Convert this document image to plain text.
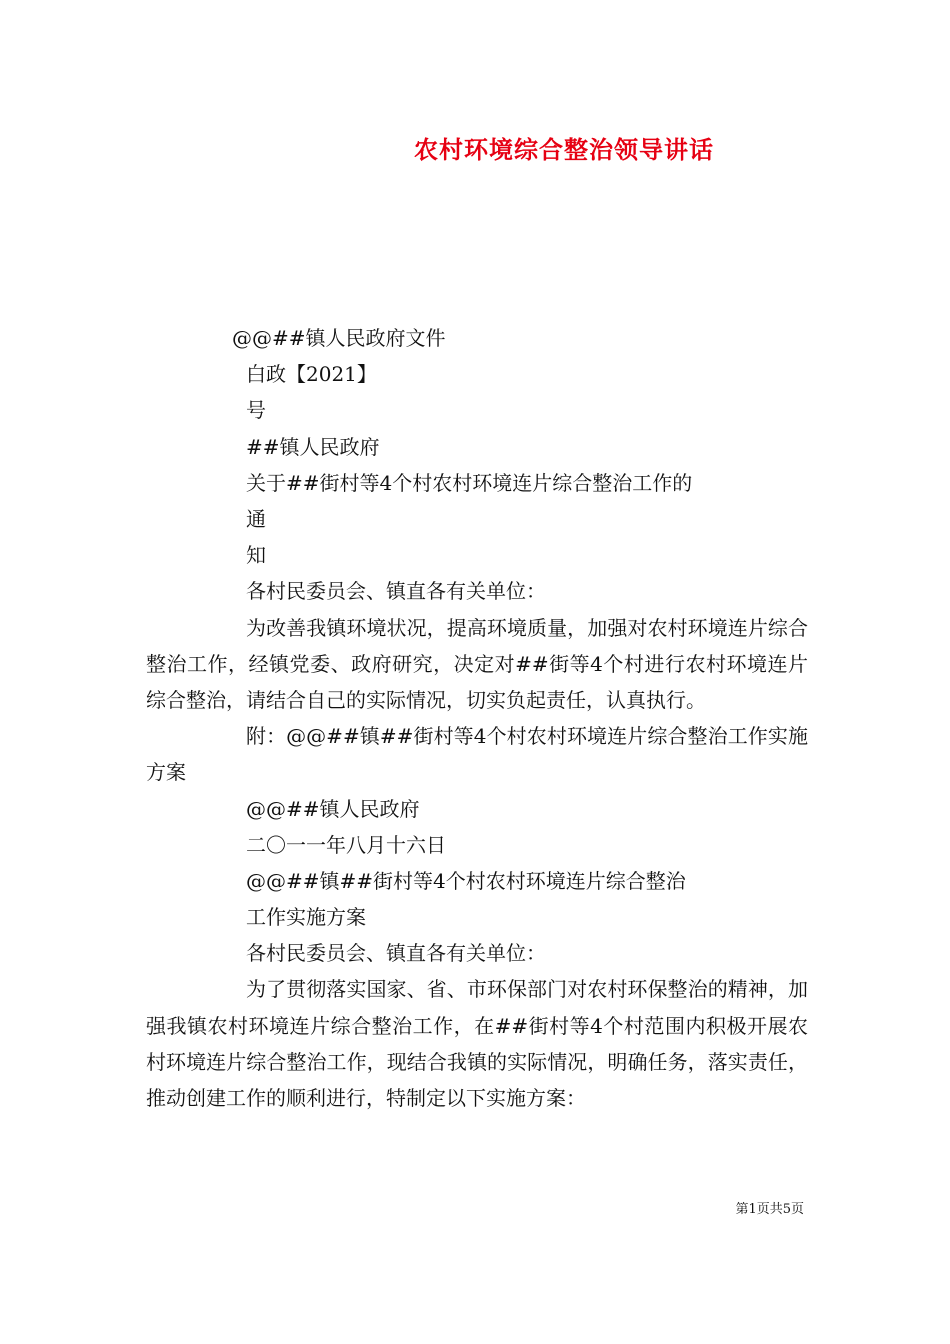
农村环境综合整治领导讲话
@@##镇人民政府文件
白政【2021】
号
##镇人民政府
关于##街村等4个村农村环境连片综合整治工作的
通
知
各村民委员会、镇直各有关单位：
为改善我镇环境状况，提高环境质量，加强对农村环境连片综合整治工作，经镇党委、政府研究，决定对##街等4个村进行农村环境连片综合整治，请结合自己的实际情况，切实负起责任，认真执行。
附：@@##镇##街村等4个村农村环境连片综合整治工作实施方案
@@##镇人民政府
二〇一一年八月十六日
@@##镇##街村等4个村农村环境连片综合整治
工作实施方案
各村民委员会、镇直各有关单位：
为了贯彻落实国家、省、市环保部门对农村环保整治的精神，加强我镇农村环境连片综合整治工作，在##街村等4个村范围内积极开展农村环境连片综合整治工作，现结合我镇的实际情况，明确任务，落实责任，推动创建工作的顺利进行，特制定以下实施方案：
第1页共5页
